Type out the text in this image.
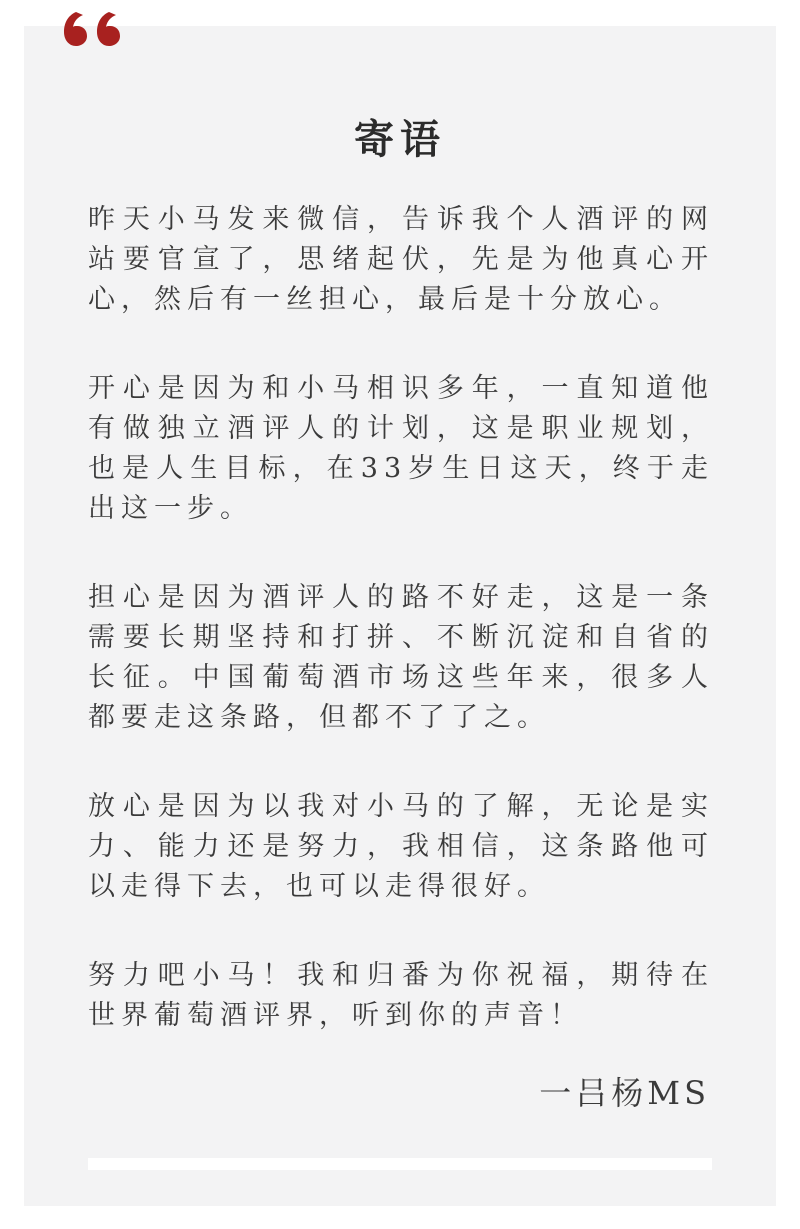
寄语

昨天小马发来微信，告诉我个人酒评的网站要官宣了，思绪起伏，先是为他真心开心，然后有一丝担心，最后是十分放心。

开心是因为和小马相识多年，一直知道他有做独立酒评人的计划，这是职业规划，也是人生目标，在33岁生日这天，终于走出这一步。

担心是因为酒评人的路不好走，这是一条需要长期坚持和打拼、不断沉淀和自省的长征。中国葡萄酒市场这些年来，很多人都要走这条路，但都不了了之。

放心是因为以我对小马的了解，无论是实力、能力还是努力，我相信，这条路他可以走得下去，也可以走得很好。

努力吧小马！我和归番为你祝福，期待在世界葡萄酒评界，听到你的声音！

一吕杨MS
